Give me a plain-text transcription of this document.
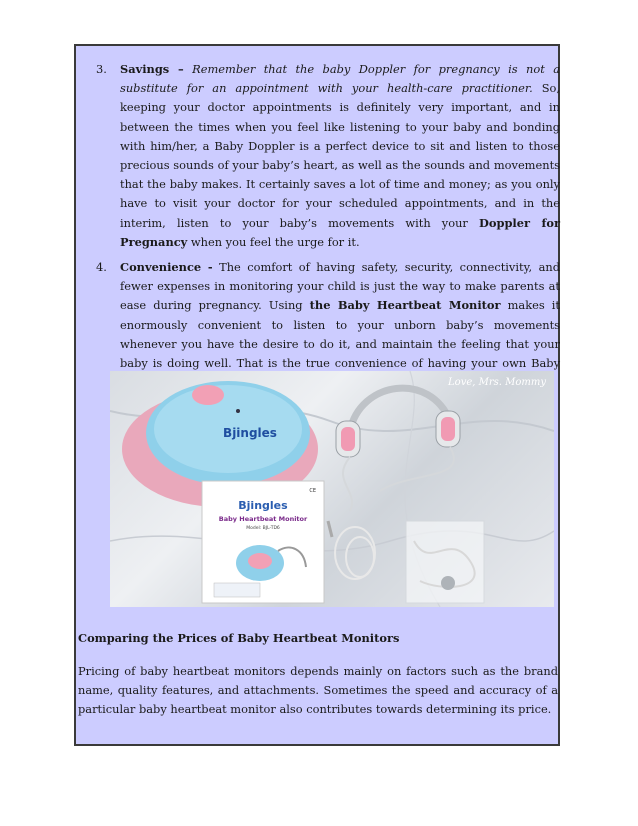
3.	Savings – Remember that the baby Doppler for pregnancy is not a substitute for an appointment with your health-care practitioner. So, keeping your doctor appointments is definitely very important, and in between the times when you feel like listening to your baby and bonding with him/her, a Baby Doppler is a perfect device to sit and listen to those precious sounds of your baby’s heart, as well as the sounds and movements that the baby makes. It certainly saves a lot of time and money; as you only have to visit your doctor for your scheduled appointments, and in the interim, listen to your baby’s movements with your Doppler for Pregnancy when you feel the urge for it.
4.	Convenience - The comfort of having safety, security, connectivity, and fewer expenses in monitoring your child is just the way to make parents at ease during pregnancy. Using the Baby Heartbeat Monitor makes it enormously convenient to listen to your unborn baby’s movements whenever you have the desire to do it, and maintain the feeling that your baby is doing well. That is the true convenience of having your own Baby
Love, Mrs. Mommy
Bjingles
CE
Bjingles
Baby Heartbeat Monitor
Model: BJL-TD6
Comparing the Prices of Baby Heartbeat Monitors
Pricing of baby heartbeat monitors depends mainly on factors such as the brand name, quality features, and attachments. Sometimes the speed and accuracy of a particular baby heartbeat monitor also contributes towards determining its price.
